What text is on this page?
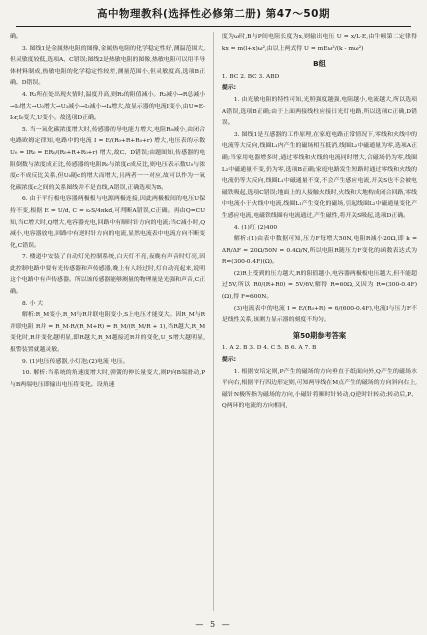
高中物理教科(选择性必修第二册) 第47～50期

确。

3. 图线1是金属热电阻的图像,金属热电阻的化学稳定性好,测温范围大,但灵敏度较低,选项A、C错误;图线2是热敏电阻的图像,热敏电阻可以用半导体材料制成,热敏电阻的化学稳定性较差,测量范围小,但灵敏度高,选项B正确、D错误。

4. R₂所在处出现火情时,温度升高,则R₂的阻值减小。R₂减小→R总减小→I₀增大→U₀增大→U₃减小→I₃减小→I₄增大,故显示器的电流I变小,由U=E-I₀r,I₀变大,U变小。故选项D正确。

5. 当一氧化碳浓度增大时,传感器的导电能力增大,电阻R₀减小,由闭合电路欧姆定律知,电路中的电流 I = E/(R₀+R+R₀+r) 增大,电压表的示数 U₀ = IR₀ = ER₀/(R₀+R+R₀+r) 增大,故C、D错误;由题图知,传感器的电阻倒数与浓度成正比,传感器的电阻R₀与浓度c成反比,则电压表示数U₀与浓度c不成反比关系,但U₀随c的增大而增大,且两者一一对应,故可以作为一氧化碳浓度c之间的关系图线并不是直线,A错误,正确选项为B。

6. 由于平行板电容器两极板与电源两极连接,因此两极板间的电压U保持不变,根据 E = U/d, C = εᵣS/4πkd,可判断A错误,C正确。再由Q=CU知,当C增大时,Q增大,电容器充电,回路中有顺时针方向的电流;当C减小时,Q减小,电容器放电,回路中有逆时针方向的电流,显然电流表中电流方向不断变化,C错误。

7. 楼道中安装了自动灯光控制系统,白天灯不亮,夜晚有声音时灯亮,因此控制电路中要有光传感器和声传感器,晚上有人经过时,灯自动亮起来,说明这个电路中有声传感器。所以该传感器能够测量的物理量是光强和声音,C正确。

8. 小 大

解析:R_M变小,R_M与R并联电阻变小,S上电压才能变大。因R_M与R并联电阻 R并 = R_M·R/(R_M+R) = R_M/(R_M/R + 1),当R越大,R_M变化时,R并变化越明显,即R越大,R_M越接近R并的变化,U_S增大越明显,报警装置就越灵敏。

9. (1)电压传感器,小灯泡;(2)电流 电压。

10. 解析:当系统的角速度增大时,弹簧的伸长量变大,则P向B端滑动,P与B两端电压即输出电压将变化。设角速

度为ω时,B与P间电阻长度为x,则输出电压 U = x/L·E,由牛顿第二定律得 kx = m(l+x)ω²,由以上两式得 U = mEω²/(k - mω²)

B组

1. BC 2. BC 3. ABD

提示:

1. 由光敏电阻的特性可知,光照强度越强,电阻越小,电流越大,所以选项A错误,选项B正确;由于上面两接线柱应接日光灯电路,所以选项C正确,D错误。

3. 图线1是互感器的工作原理,在家庭电路正常情况下,零线和火线中的电流等大反向,线圈L₁内产生的磁场相互抵消,线圈L₂中磁通量为零,选项A正确;当家用电器增多时,通过零线和火线的电流同时增大,合磁场仍为零,线圈L₂中磁通量不变,仍为零,选项B正确;家庭电路发生短路时通过零线和火线的电流仍等大反向,线圈L₁中磁通量不变,不会产生感应电流,开关S也不会被电磁铁吸起,选项C错误;地面上的人接触火线时,火线和大地构成闭合回路,零线中电流小于火线中电流,线圈L₁产生变化的磁场,引起线圈L₂中磁通量变化产生感应电流,电磁铁线圈有电流通过,产生磁性,将开关S吸起,选项D正确。

4. (1)红 (2)400

解析:(1)由表中数据可知,压力F每增大50N,电阻R减小20Ω,即 k = ΔR/ΔF = 20Ω/50N = 0.4Ω/N,所以电阻R随压力F变化的函数表达式为 R=(300-0.4F)(Ω)。

(2)R上受到的压力越大,R的阻值越小,电容器两极板电压越大,但不能超过5V,所以 R0/(R+R0) = 5V/6V,解得 R=60Ω,又因为 R=(300-0.4F)(Ω),得 F=600N。

(3)电流表中的电流 I = E/(R₀+R) = 6/(600-0.4F),电流I与压力F不是线性关系,该测力显示器的刻度不均匀。

第50期参考答案

1. A 2. B 3. D 4. C 5. B 6. A 7. B

提示:

1. 根据安培定则,P产生的磁场的方向垂直于纸面向外,Q产生的磁场水平向右,根据平行四边形定则,可知两导线在M点产生的磁场的方向斜向右上,磁针N极所指为磁场的方向,小磁针将顺时针转动,Q逆时针转动;转动后,P、Q两环的电流的方向相同,

— 5 —
